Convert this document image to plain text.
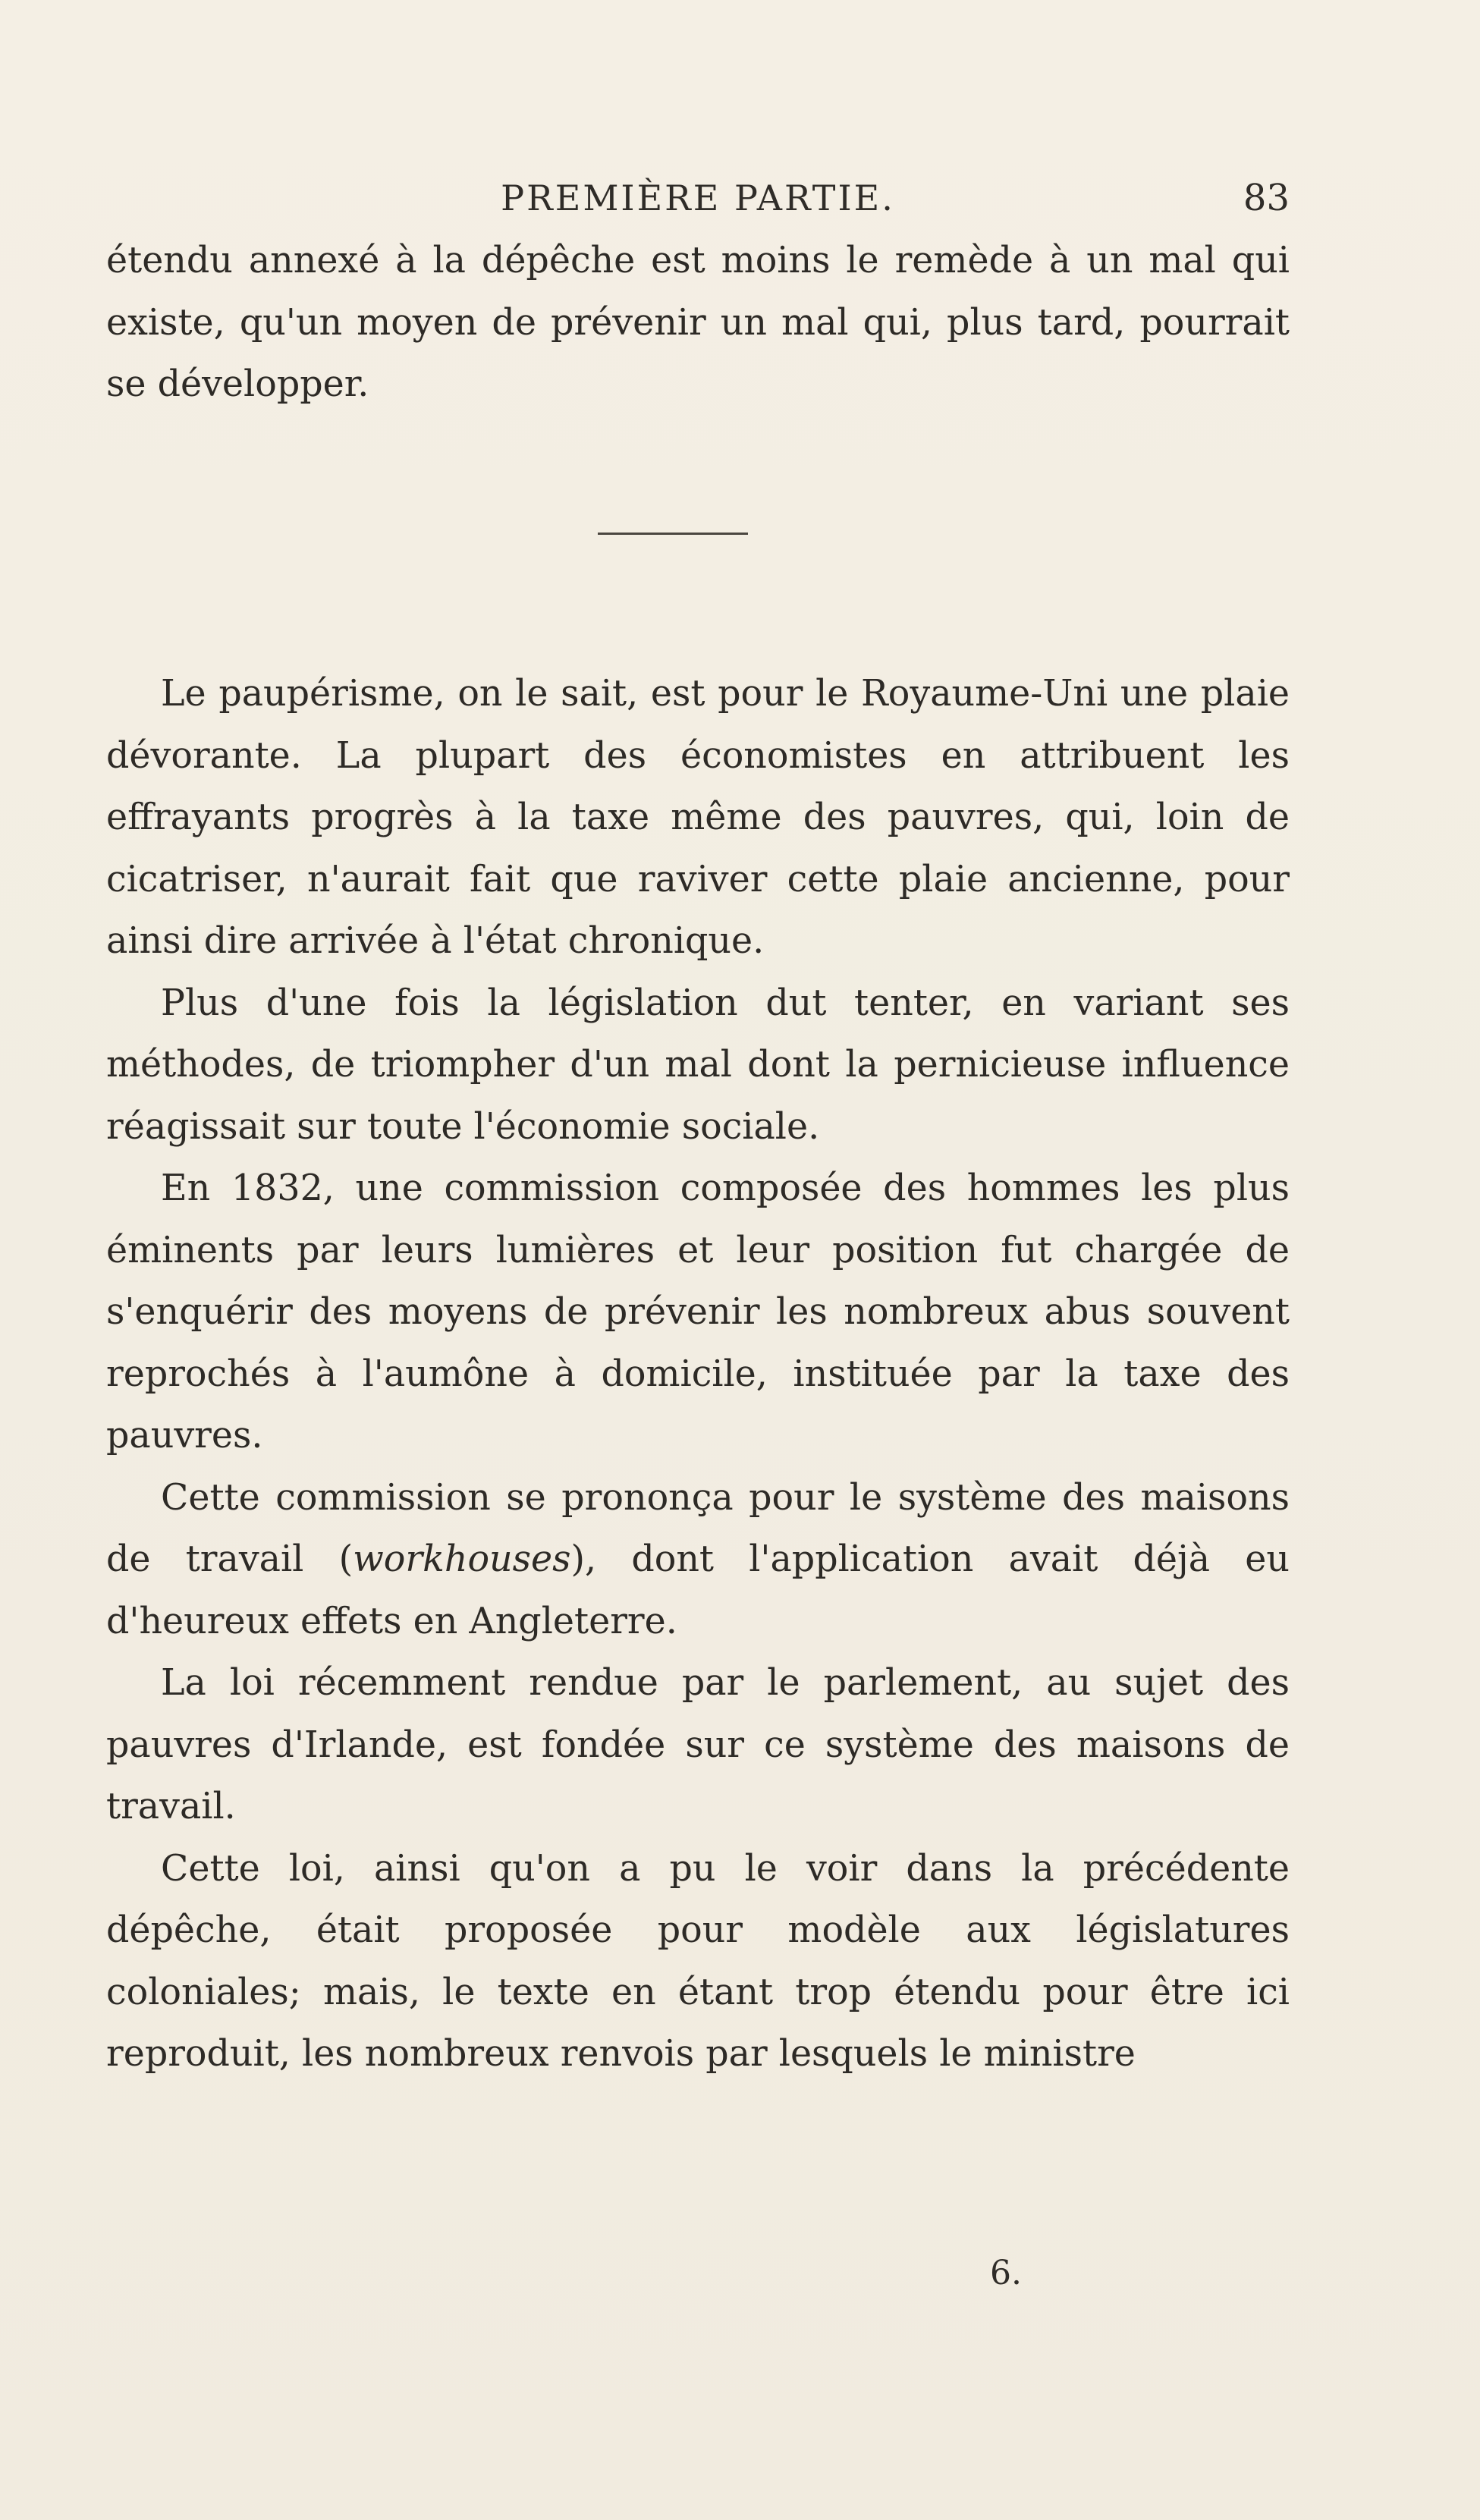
PREMIÈRE PARTIE.	83

étendu annexé à la dépêche est moins le remède à un mal qui existe, qu'un moyen de prévenir un mal qui, plus tard, pourrait se développer.

Le paupérisme, on le sait, est pour le Royaume-Uni une plaie dévorante. La plupart des économistes en attribuent les effrayants progrès à la taxe même des pauvres, qui, loin de cicatriser, n'aurait fait que raviver cette plaie ancienne, pour ainsi dire arrivée à l'état chronique.

Plus d'une fois la législation dut tenter, en variant ses méthodes, de triompher d'un mal dont la pernicieuse influence réagissait sur toute l'économie sociale.

En 1832, une commission composée des hommes les plus éminents par leurs lumières et leur position fut chargée de s'enquérir des moyens de prévenir les nombreux abus souvent reprochés à l'aumône à domicile, instituée par la taxe des pauvres.

Cette commission se prononça pour le système des maisons de travail (workhouses), dont l'application avait déjà eu d'heureux effets en Angleterre.

La loi récemment rendue par le parlement, au sujet des pauvres d'Irlande, est fondée sur ce système des maisons de travail.

Cette loi, ainsi qu'on a pu le voir dans la précédente dépêche, était proposée pour modèle aux législatures coloniales; mais, le texte en étant trop étendu pour être ici reproduit, les nombreux renvois par lesquels le ministre

6.
